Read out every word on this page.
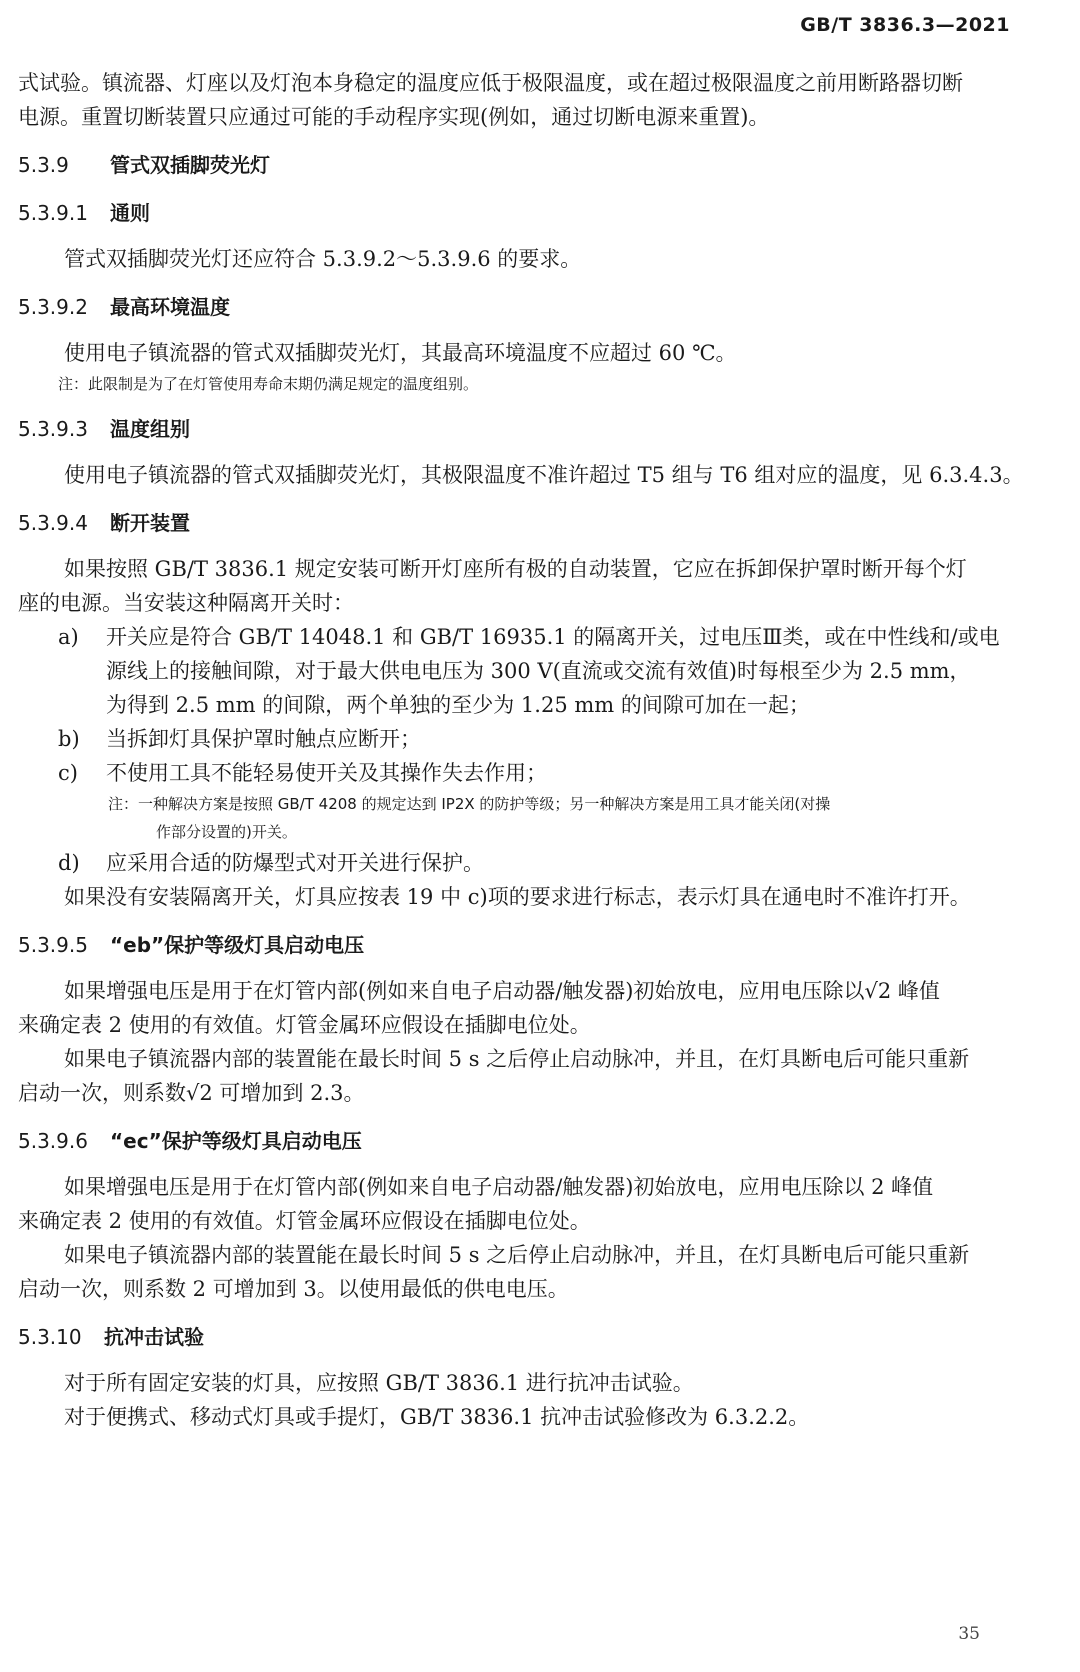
GB/T 3836.3—2021

式试验。镇流器、灯座以及灯泡本身稳定的温度应低于极限温度，或在超过极限温度之前用断路器切断

电源。重置切断装置只应通过可能的手动程序实现(例如，通过切断电源来重置)。

5.3.9	管式双插脚荧光灯
5.3.9.1	通则

管式双插脚荧光灯还应符合 5.3.9.2～5.3.9.6 的要求。

5.3.9.2	最高环境温度

使用电子镇流器的管式双插脚荧光灯，其最高环境温度不应超过 60 ℃。

注：此限制是为了在灯管使用寿命末期仍满足规定的温度组别。

5.3.9.3	温度组别

使用电子镇流器的管式双插脚荧光灯，其极限温度不准许超过 T5 组与 T6 组对应的温度，见 6.3.4.3。

5.3.9.4	断开装置

如果按照 GB/T 3836.1 规定安装可断开灯座所有极的自动装置，它应在拆卸保护罩时断开每个灯

座的电源。当安装这种隔离开关时：

a)	开关应是符合 GB/T 14048.1 和 GB/T 16935.1 的隔离开关，过电压Ⅲ类，或在中性线和/或电
源线上的接触间隙，对于最大供电电压为 300 V(直流或交流有效值)时每根至少为 2.5 mm，
为得到 2.5 mm 的间隙，两个单独的至少为 1.25 mm 的间隙可加在一起；
b)	当拆卸灯具保护罩时触点应断开；
c)	不使用工具不能轻易使开关及其操作失去作用；
注：一种解决方案是按照 GB/T 4208 的规定达到 IP2X 的防护等级；另一种解决方案是用工具才能关闭(对操
作部分设置的)开关。
d)	应采用合适的防爆型式对开关进行保护。

如果没有安装隔离开关，灯具应按表 19 中 c)项的要求进行标志，表示灯具在通电时不准许打开。

5.3.9.5	“eb”保护等级灯具启动电压

如果增强电压是用于在灯管内部(例如来自电子启动器/触发器)初始放电，应用电压除以√2 峰值

来确定表 2 使用的有效值。灯管金属环应假设在插脚电位处。

如果电子镇流器内部的装置能在最长时间 5 s 之后停止启动脉冲，并且，在灯具断电后可能只重新

启动一次，则系数√2 可增加到 2.3。

5.3.9.6	“ec”保护等级灯具启动电压

如果增强电压是用于在灯管内部(例如来自电子启动器/触发器)初始放电，应用电压除以 2 峰值

来确定表 2 使用的有效值。灯管金属环应假设在插脚电位处。

如果电子镇流器内部的装置能在最长时间 5 s 之后停止启动脉冲，并且，在灯具断电后可能只重新

启动一次，则系数 2 可增加到 3。以使用最低的供电电压。

5.3.10	抗冲击试验

对于所有固定安装的灯具，应按照 GB/T 3836.1 进行抗冲击试验。

对于便携式、移动式灯具或手提灯，GB/T 3836.1 抗冲击试验修改为 6.3.2.2。

35
